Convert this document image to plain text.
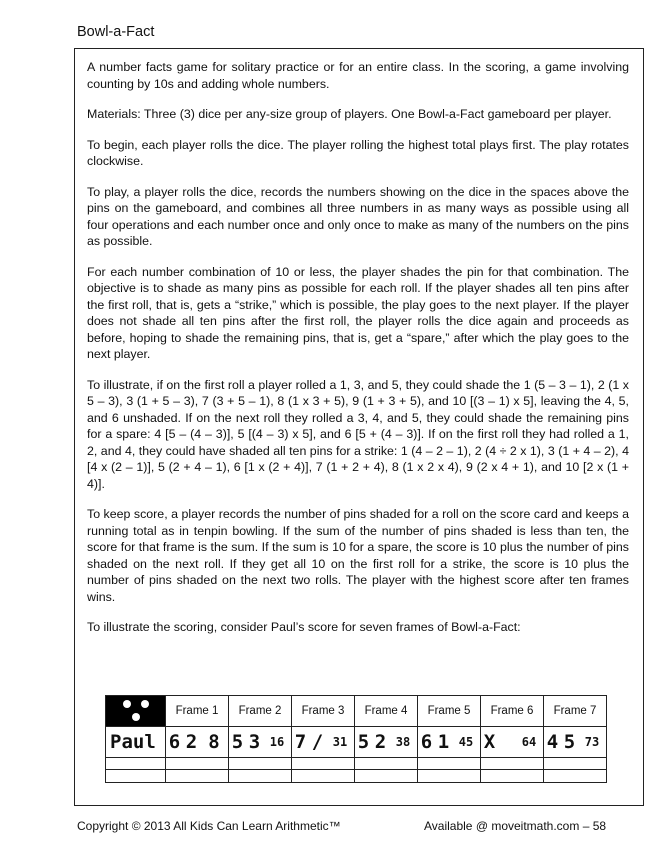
Bowl-a-Fact

A number facts game for solitary practice or for an entire class. In the scoring, a game involving counting by 10s and adding whole numbers.

Materials: Three (3) dice per any-size group of players. One Bowl-a-Fact gameboard per player.

To begin, each player rolls the dice. The player rolling the highest total plays first. The play rotates clockwise.

To play, a player rolls the dice, records the numbers showing on the dice in the spaces above the pins on the gameboard, and combines all three numbers in as many ways as possible using all four operations and each number once and only once to make as many of the numbers on the pins as possible.

For each number combination of 10 or less, the player shades the pin for that combination. The objective is to shade as many pins as possible for each roll. If the player shades all ten pins after the first roll, that is, gets a “strike,” which is possible, the play goes to the next player. If the player does not shade all ten pins after the first roll, the player rolls the dice again and proceeds as before, hoping to shade the remaining pins, that is, get a “spare,” after which the play goes to the next player.

To illustrate, if on the first roll a player rolled a 1, 3, and 5, they could shade the 1 (5 – 3 – 1), 2 (1 x 5 – 3), 3 (1 + 5 – 3), 7 (3 + 5 – 1), 8 (1 x 3 + 5), 9 (1 + 3 + 5), and 10 [(3 – 1) x 5], leaving the 4, 5, and 6 unshaded. If on the next roll they rolled a 3, 4, and 5, they could shade the remaining pins for a spare: 4 [5 – (4 – 3)], 5 [(4 – 3) x 5], and 6 [5 + (4 – 3)]. If on the first roll they had rolled a 1, 2, and 4, they could have shaded all ten pins for a strike: 1 (4 – 2 – 1), 2 (4 ÷ 2 x 1), 3 (1 + 4 – 2), 4 [4 x (2 – 1)], 5 (2 + 4 – 1), 6 [1 x (2 + 4)], 7 (1 + 2 + 4), 8 (1 x 2 x 4), 9 (2 x 4 + 1), and 10 [2 x (1 + 4)].

To keep score, a player records the number of pins shaded for a roll on the score card and keeps a running total as in tenpin bowling. If the sum of the number of pins shaded is less than ten, the score for that frame is the sum. If the sum is 10 for a spare, the score is 10 plus the number of pins shaded on the next roll. If they get all 10 on the first roll for a strike, the score is 10 plus the number of pins shaded on the next two rolls. The player with the highest score after ten frames wins.

To illustrate the scoring, consider Paul’s score for seven frames of Bowl-a-Fact:

	Frame 1	Frame 2	Frame 3	Frame 4	Frame 5	Frame 6	Frame 7
Paul	6 2 8	5 3 16	7 / 31	5 2 38	6 1 45	X 64	4 5 73

Copyright © 2013 All Kids Can Learn Arithmetic™	Available @ moveitmath.com – 58
